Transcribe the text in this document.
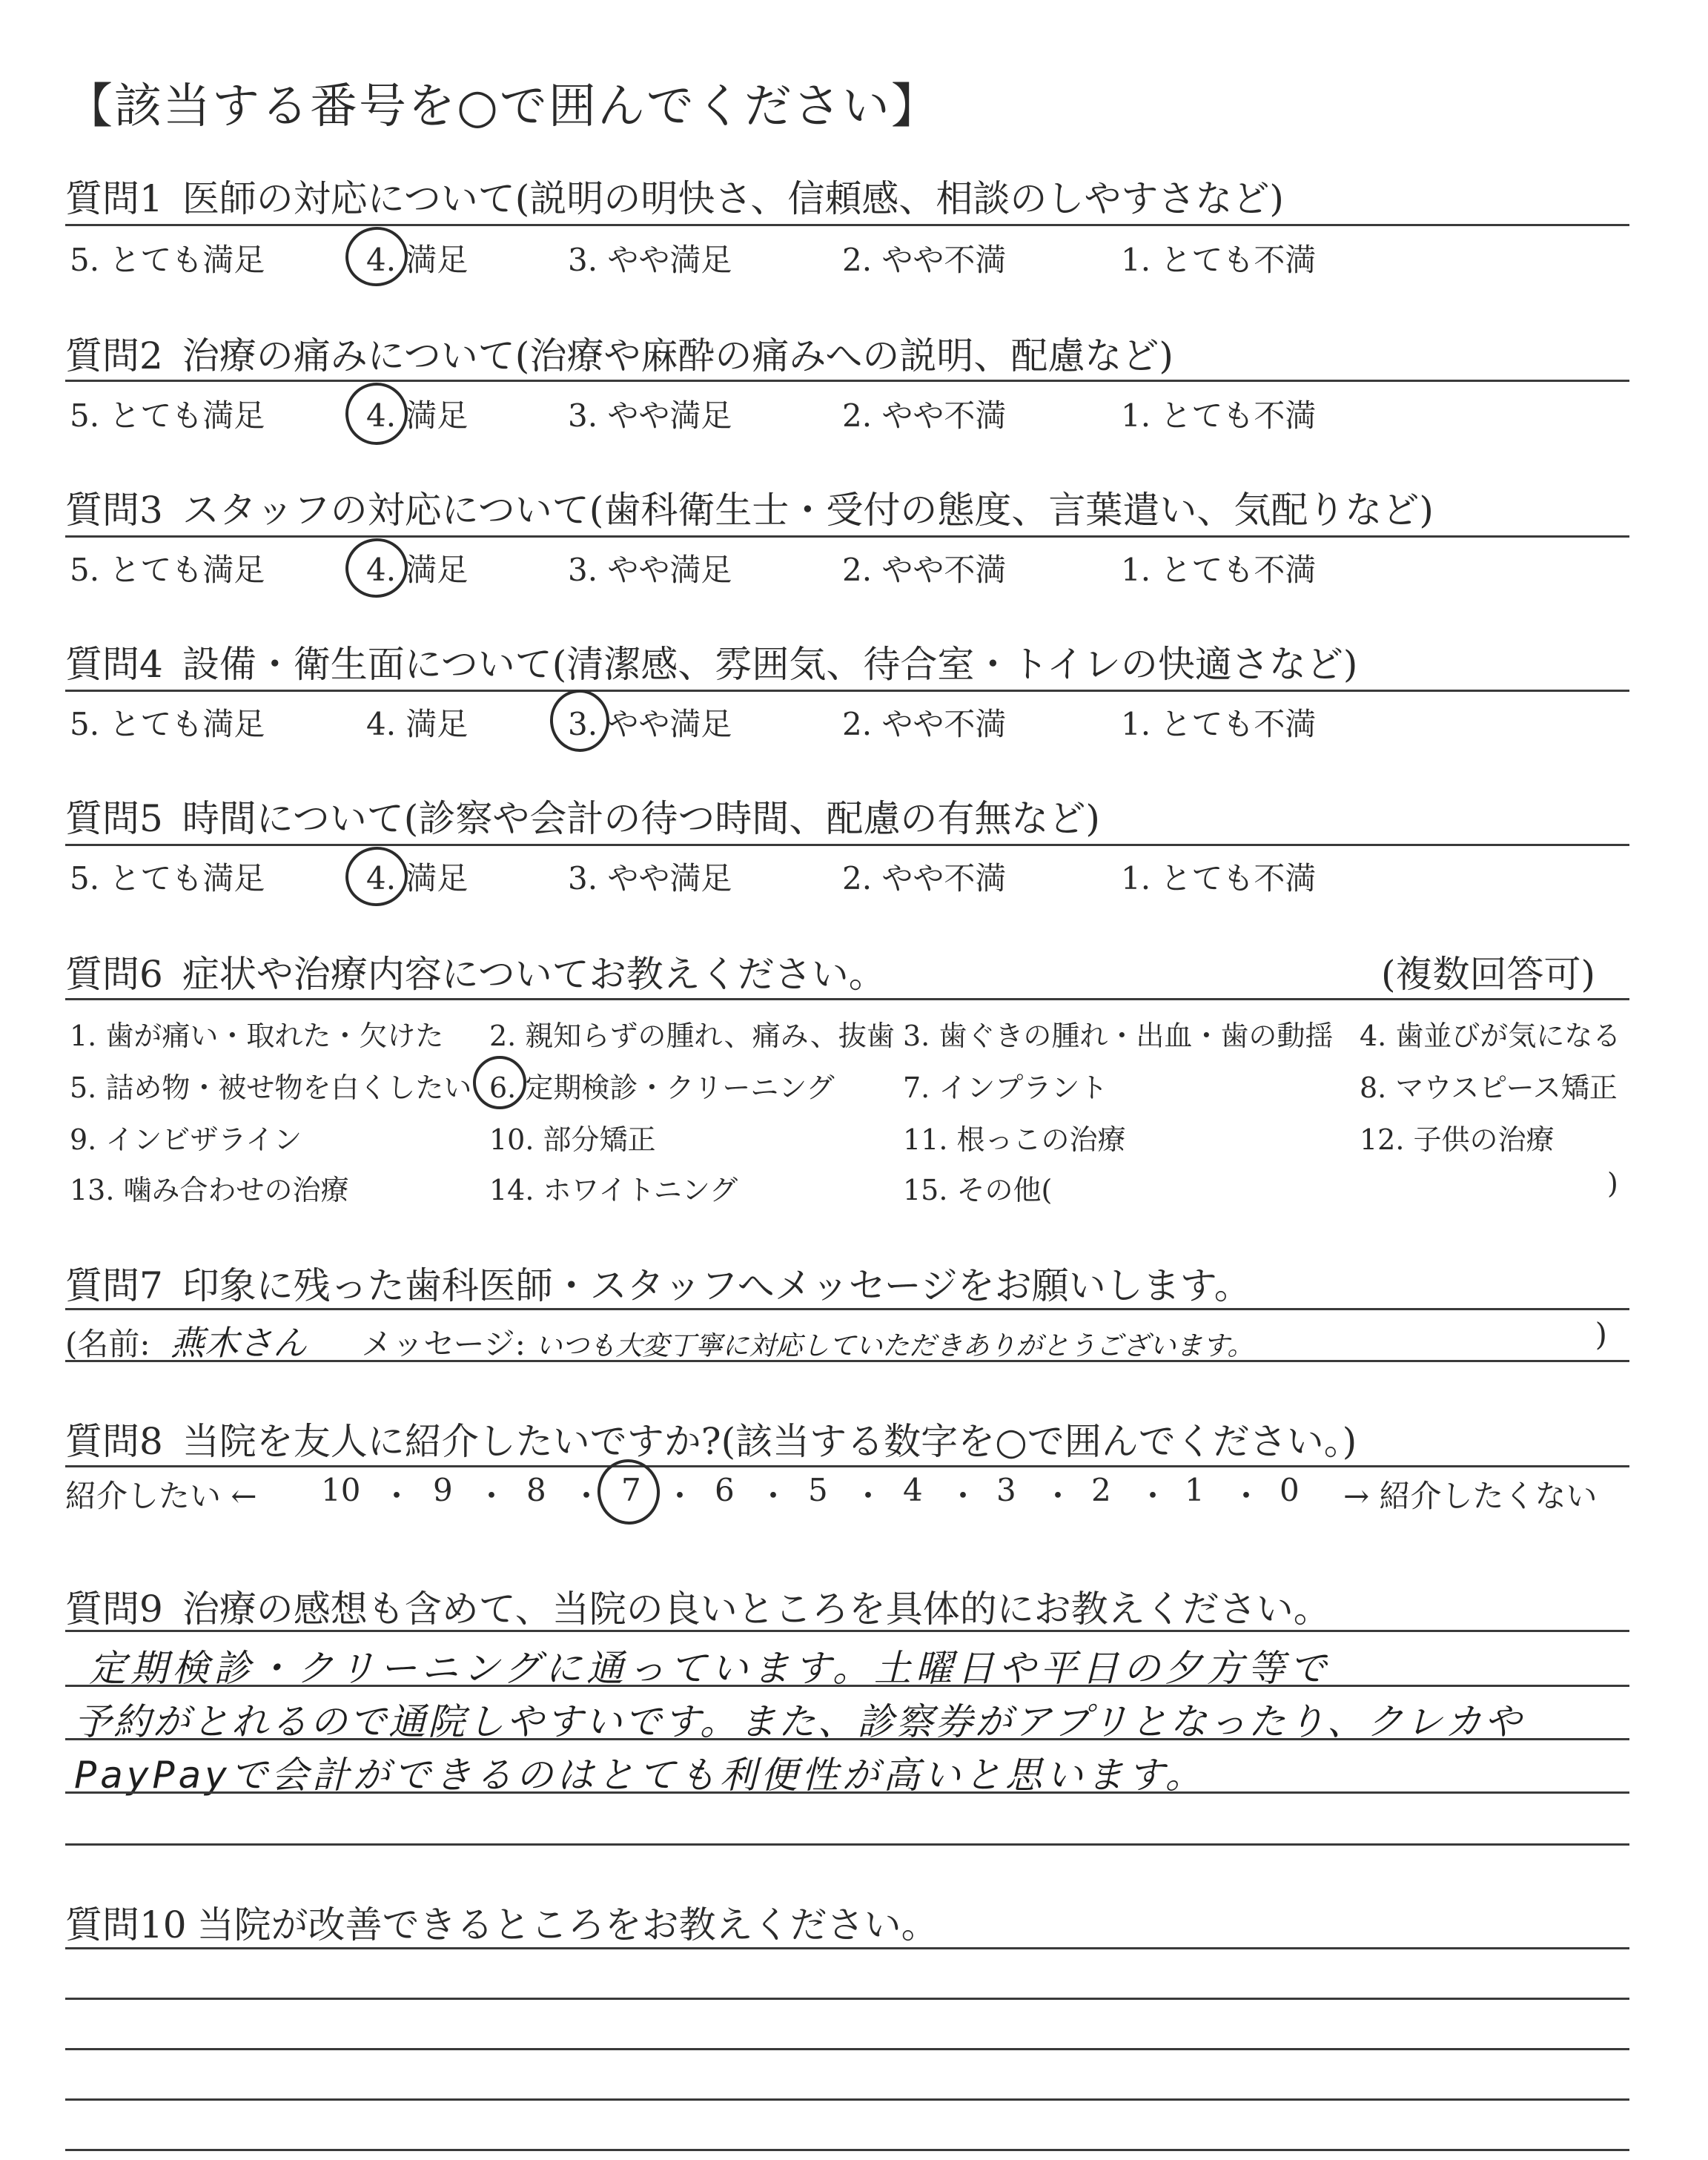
【該当する番号を○で囲んでください】
質問1 医師の対応について(説明の明快さ、信頼感、相談のしやすさなど)
5. とても満足	4. 満足	3. やや満足	2. やや不満	1. とても不満
質問2 治療の痛みについて(治療や麻酔の痛みへの説明、配慮など)
5. とても満足	4. 満足	3. やや満足	2. やや不満	1. とても不満
質問3 スタッフの対応について(歯科衛生士・受付の態度、言葉遣い、気配りなど)
5. とても満足	4. 満足	3. やや満足	2. やや不満	1. とても不満
質問4 設備・衛生面について(清潔感、雰囲気、待合室・トイレの快適さなど)
5. とても満足	4. 満足	3. やや満足	2. やや不満	1. とても不満
質問5 時間について(診察や会計の待つ時間、配慮の有無など)
5. とても満足	4. 満足	3. やや満足	2. やや不満	1. とても不満
質問6 症状や治療内容についてお教えください。	(複数回答可)
1. 歯が痛い・取れた・欠けた 2. 親知らずの腫れ、痛み、抜歯 3. 歯ぐきの腫れ・出血・歯の動揺 4. 歯並びが気になる
5. 詰め物・被せ物を白くしたい 6. 定期検診・クリーニング 7. インプラント	8. マウスピース矯正
9. インビザライン	10. 部分矯正	11. 根っこの治療	12. 子供の治療
13. 噛み合わせの治療	14. ホワイトニング	15. その他(	)
質問7 印象に残った歯科医師・スタッフへメッセージをお願いします。
(名前: 燕木さん メッセージ: いつも大変丁寧に対応していただきありがとうございます。	)
質問8 当院を友人に紹介したいですか?(該当する数字を○で囲んでください。)
紹介したい ← 10 ・ 9 ・ 8 ・ 7 ・ 6 ・ 5 ・ 4 ・ 3 ・ 2 ・ 1 ・ 0 → 紹介したくない
質問9 治療の感想も含めて、当院の良いところを具体的にお教えください。
定期検診・クリーニングに通っています。土曜日や平日の夕方等で
予約がとれるので通院しやすいです。また、診察券がアプリとなったり、クレカや
PayPayで会計ができるのはとても利便性が高いと思います。
質問10 当院が改善できるところをお教えください。
